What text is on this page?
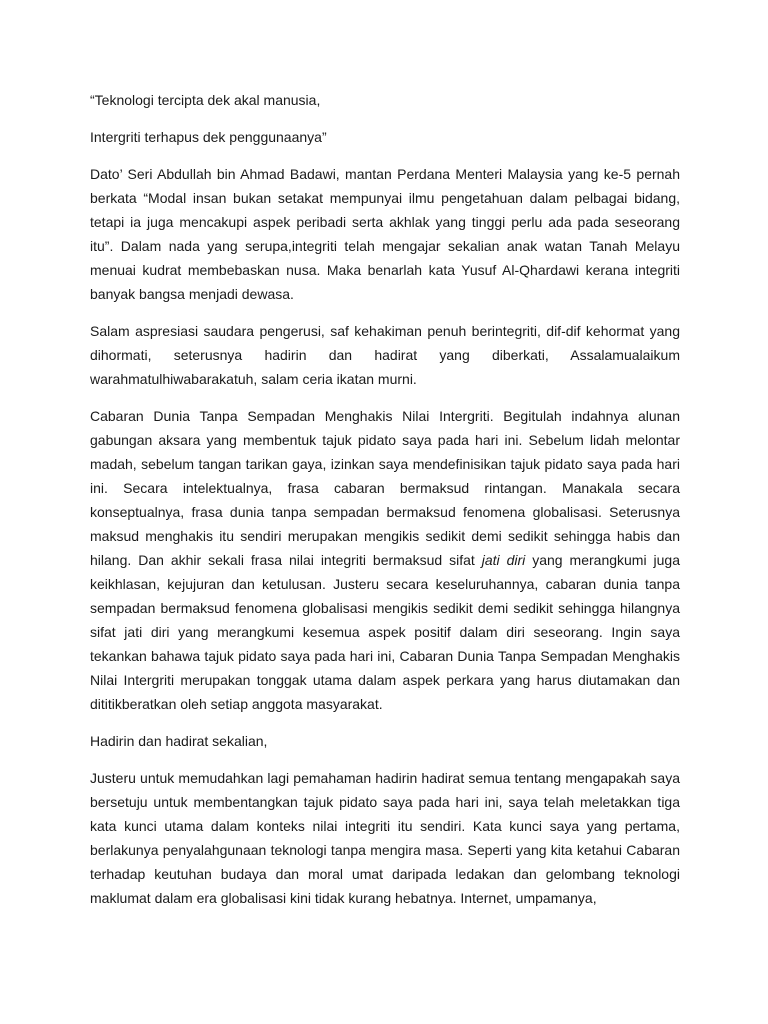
“Teknologi tercipta dek akal manusia,

Intergriti terhapus dek penggunaanya”

Dato’ Seri Abdullah bin Ahmad Badawi, mantan Perdana Menteri Malaysia yang ke-5 pernah berkata “Modal insan bukan setakat mempunyai ilmu pengetahuan dalam pelbagai bidang, tetapi ia juga mencakupi aspek peribadi serta akhlak yang tinggi perlu ada pada seseorang itu”. Dalam nada yang serupa,integriti telah mengajar sekalian anak watan Tanah Melayu menuai kudrat membebaskan nusa. Maka benarlah kata Yusuf Al-Qhardawi kerana integriti banyak bangsa menjadi dewasa.

Salam aspresiasi saudara pengerusi, saf kehakiman penuh berintegriti, dif-dif kehormat yang dihormati, seterusnya hadirin dan hadirat yang diberkati, Assalamualaikum warahmatulhiwabarakatuh, salam ceria ikatan murni.

Cabaran Dunia Tanpa Sempadan Menghakis Nilai Intergriti. Begitulah indahnya alunan gabungan aksara yang membentuk tajuk pidato saya pada hari ini. Sebelum lidah melontar madah, sebelum tangan tarikan gaya, izinkan saya mendefinisikan tajuk pidato saya pada hari ini. Secara intelektualnya, frasa cabaran bermaksud rintangan. Manakala secara konseptualnya, frasa dunia tanpa sempadan bermaksud fenomena globalisasi. Seterusnya maksud menghakis itu sendiri merupakan mengikis sedikit demi sedikit sehingga habis dan hilang. Dan akhir sekali frasa nilai integriti bermaksud sifat jati diri yang merangkumi juga keikhlasan, kejujuran dan ketulusan. Justeru secara keseluruhannya, cabaran dunia tanpa sempadan bermaksud fenomena globalisasi mengikis sedikit demi sedikit sehingga hilangnya sifat jati diri yang merangkumi kesemua aspek positif dalam diri seseorang. Ingin saya tekankan bahawa tajuk pidato saya pada hari ini, Cabaran Dunia Tanpa Sempadan Menghakis Nilai Intergriti merupakan tonggak utama dalam aspek perkara yang harus diutamakan dan dititikberatkan oleh setiap anggota masyarakat.

Hadirin dan hadirat sekalian,

Justeru untuk memudahkan lagi pemahaman hadirin hadirat semua tentang mengapakah saya bersetuju untuk membentangkan tajuk pidato saya pada hari ini, saya telah meletakkan tiga kata kunci utama dalam konteks nilai integriti itu sendiri. Kata kunci saya yang pertama, berlakunya penyalahgunaan teknologi tanpa mengira masa. Seperti yang kita ketahui Cabaran terhadap keutuhan budaya dan moral umat daripada ledakan dan gelombang teknologi maklumat dalam era globalisasi kini tidak kurang hebatnya. Internet, umpamanya,
